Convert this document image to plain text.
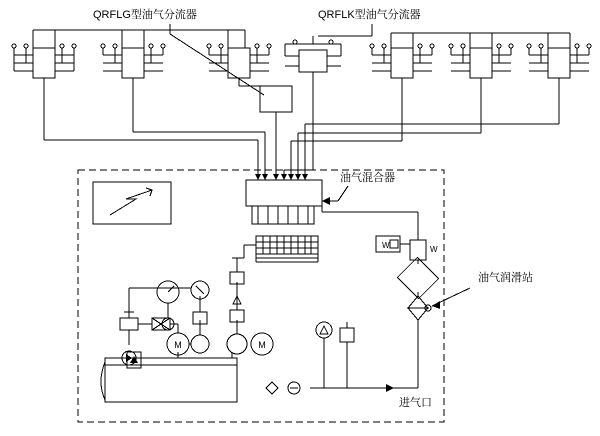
M	M
W
W
QRFLG型油气分流器	QRFLK型油气分流器
油气混合器
油气润滑站
进气口
